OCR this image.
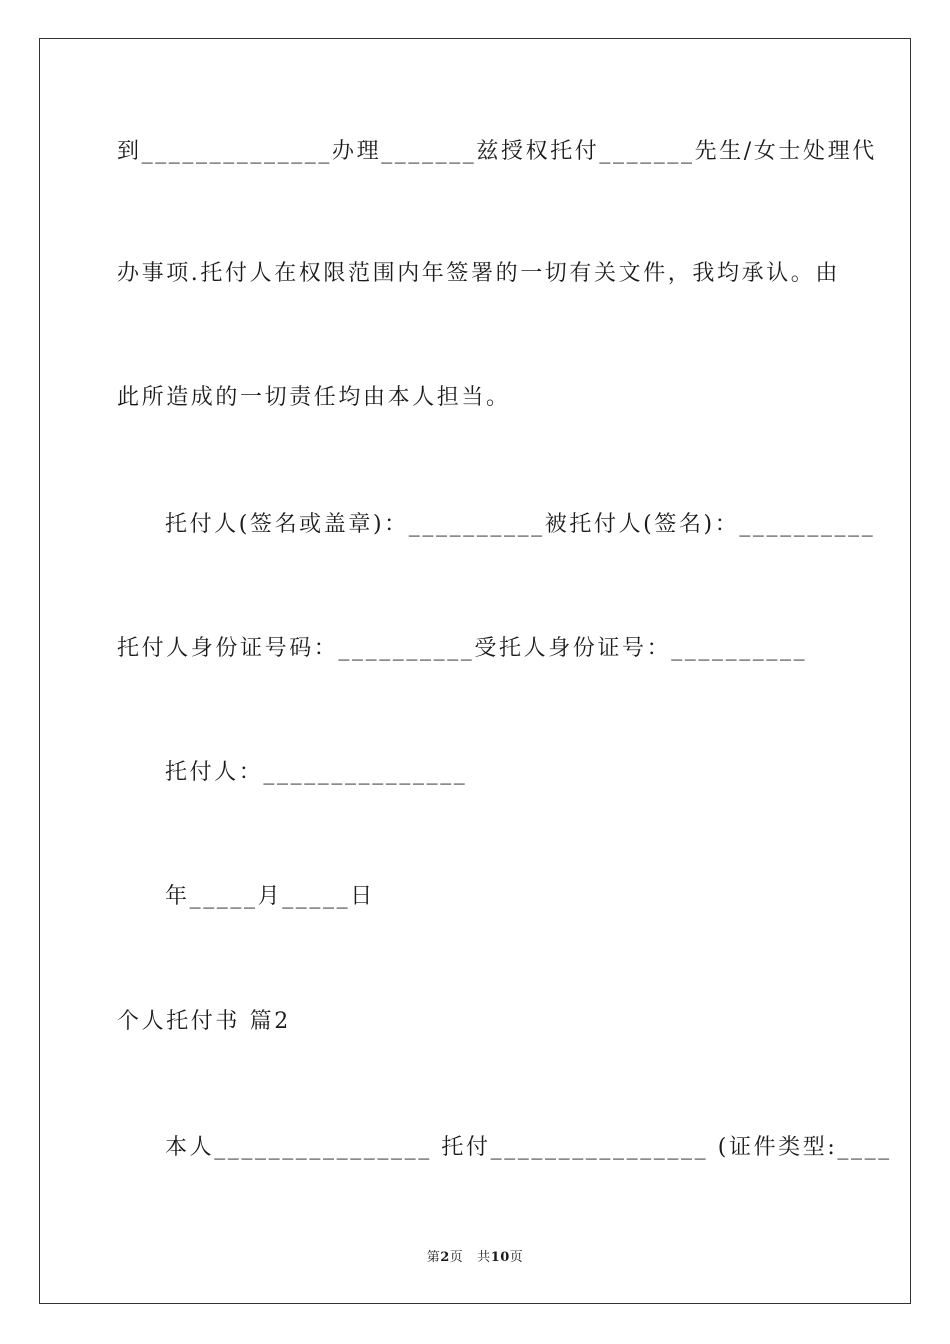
到______________办理_______兹授权托付_______先生/女士处理代
办事项.托付人在权限范围内年签署的一切有关文件，我均承认。由
此所造成的一切责任均由本人担当。
托付人(签名或盖章)：__________被托付人(签名)：__________
托付人身份证号码：__________受托人身份证号：__________
托付人：_______________
年_____月_____日
个人托付书 篇2
本人________________ 托付________________ (证件类型:____
第2页 共10页
